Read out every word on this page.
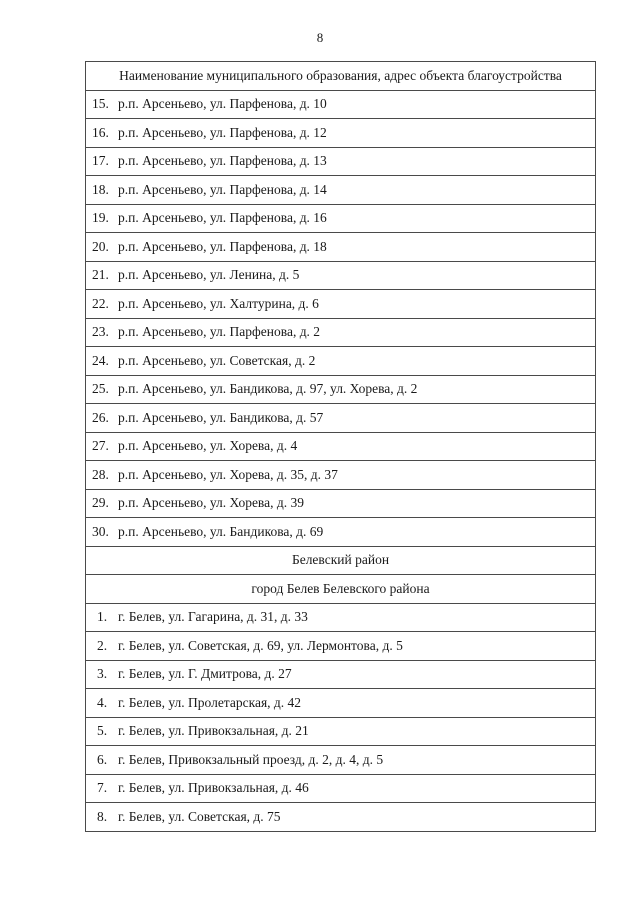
8
Наименование муниципального образования, адрес объекта благоустройства
15. р.п. Арсеньево, ул. Парфенова, д. 10
16. р.п. Арсеньево, ул. Парфенова, д. 12
17. р.п. Арсеньево, ул. Парфенова, д. 13
18. р.п. Арсеньево, ул. Парфенова, д. 14
19. р.п. Арсеньево, ул. Парфенова, д. 16
20. р.п. Арсеньево, ул. Парфенова, д. 18
21. р.п. Арсеньево, ул. Ленина, д. 5
22. р.п. Арсеньево, ул. Халтурина, д. 6
23. р.п. Арсеньево, ул. Парфенова, д. 2
24. р.п. Арсеньево, ул. Советская, д. 2
25. р.п. Арсеньево, ул. Бандикова, д. 97, ул. Хорева, д. 2
26. р.п. Арсеньево, ул. Бандикова, д. 57
27. р.п. Арсеньево, ул. Хорева, д. 4
28. р.п. Арсеньево, ул. Хорева, д. 35, д. 37
29. р.п. Арсеньево, ул. Хорева, д. 39
30. р.п. Арсеньево, ул. Бандикова, д. 69
Белевский район
город Белев Белевского района
1. г. Белев, ул. Гагарина, д. 31, д. 33
2. г. Белев, ул. Советская, д. 69, ул. Лермонтова, д. 5
3. г. Белев, ул. Г. Дмитрова, д. 27
4. г. Белев, ул. Пролетарская, д. 42
5. г. Белев, ул. Привокзальная, д. 21
6. г. Белев, Привокзальный проезд, д. 2, д. 4, д. 5
7. г. Белев, ул. Привокзальная, д. 46
8. г. Белев, ул. Советская, д. 75
